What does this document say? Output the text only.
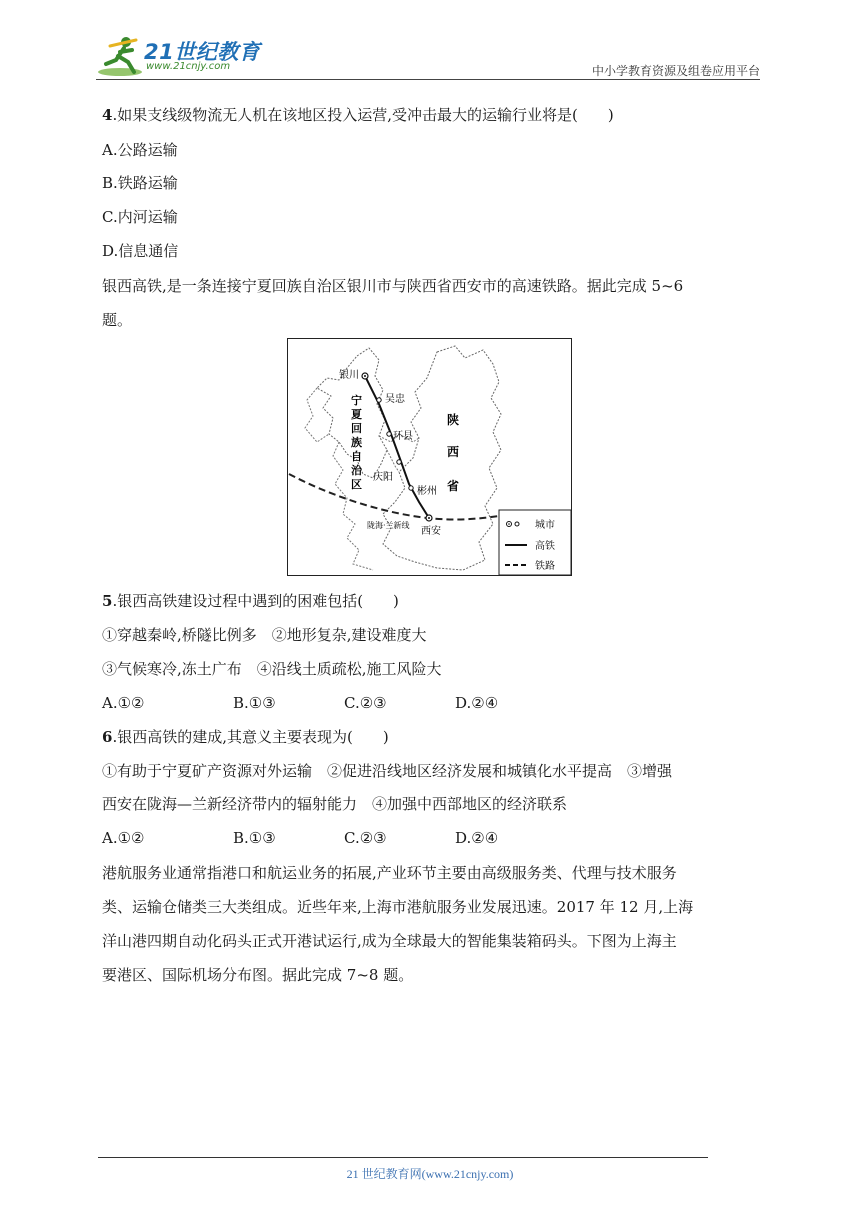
21世纪教育
www.21cnjy.com	中小学教育资源及组卷应用平台
4.如果支线级物流无人机在该地区投入运营,受冲击最大的运输行业将是(　　)
A.公路运输
B.铁路运输
C.内河运输
D.信息通信
银西高铁,是一条连接宁夏回族自治区银川市与陕西省西安市的高速铁路。据此完成 5~6
题。
银川
吴忠
环县
庆阳
彬州
西安
宁
夏
回
族
自
治
区
陕
西
省
陇海·兰新线	城市
高铁
铁路
5.银西高铁建设过程中遇到的困难包括(　　)
①穿越秦岭,桥隧比例多　②地形复杂,建设难度大
③气候寒冷,冻土广布　④沿线土质疏松,施工风险大
A.①②	B.①③	C.②③	D.②④
6.银西高铁的建成,其意义主要表现为(　　)
①有助于宁夏矿产资源对外运输　②促进沿线地区经济发展和城镇化水平提高　③增强
西安在陇海—兰新经济带内的辐射能力　④加强中西部地区的经济联系
A.①②	B.①③	C.②③	D.②④
港航服务业通常指港口和航运业务的拓展,产业环节主要由高级服务类、代理与技术服务
类、运输仓储类三大类组成。近些年来,上海市港航服务业发展迅速。2017 年 12 月,上海
洋山港四期自动化码头正式开港试运行,成为全球最大的智能集装箱码头。下图为上海主
要港区、国际机场分布图。据此完成 7~8 题。
21 世纪教育网(www.21cnjy.com)
